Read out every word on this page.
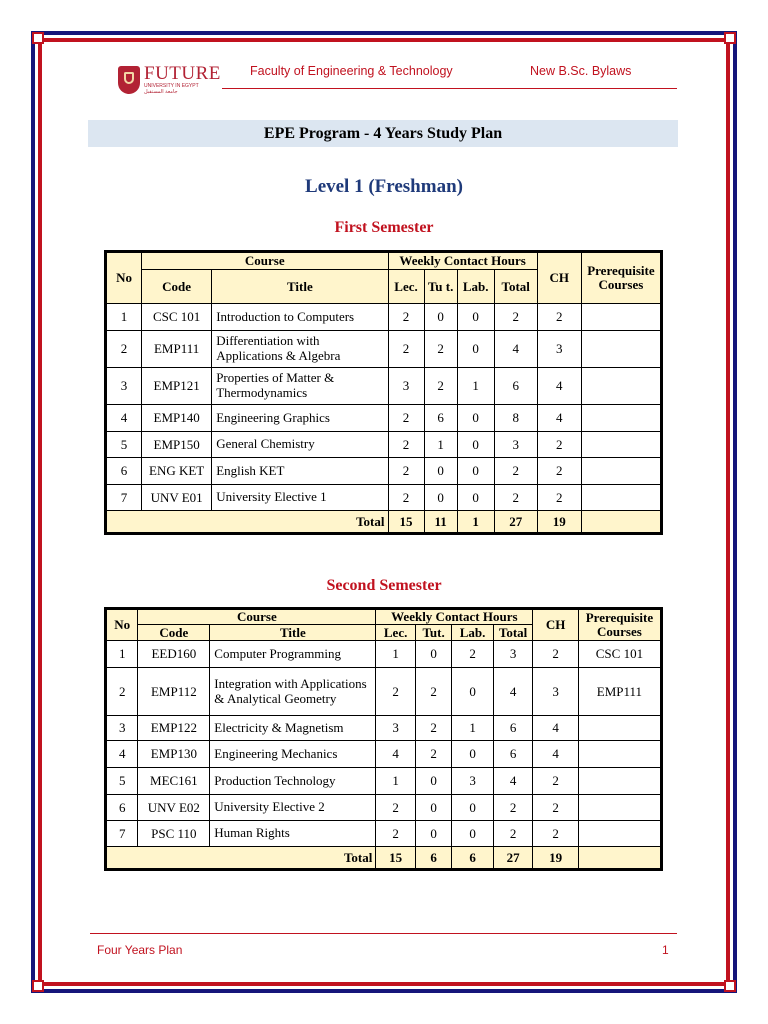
FUTURE
UNIVERSITY IN EGYPT
جامعة المستقبل
Faculty of Engineering & Technology	New B.Sc. Bylaws
EPE Program - 4 Years Study Plan
Level 1 (Freshman)
First Semester
No	Course		Weekly Contact Hours				CH	Prerequisite Courses
	Code	Title	Lec.	Tu t.	Lab.	Total		
1	CSC 101	Introduction to Computers	2	0	0	2	2	
2	EMP111	Differentiation with Applications & Algebra	2	2	0	4	3	
3	EMP121	Properties of Matter & Thermodynamics	3	2	1	6	4	
4	EMP140	Engineering Graphics	2	6	0	8	4	
5	EMP150	General Chemistry	2	1	0	3	2	
6	ENG KET	English KET	2	0	0	2	2	
7	UNV E01	University Elective 1	2	0	0	2	2	
Total			15	11	1	27	19	
Second Semester
No	Course		Weekly Contact Hours				CH	Prerequisite Courses
	Code	Title	Lec.	Tut.	Lab.	Total		
1	EED160	Computer Programming	1	0	2	3	2	CSC 101
2	EMP112	Integration with Applications & Analytical Geometry	2	2	0	4	3	EMP111
3	EMP122	Electricity & Magnetism	3	2	1	6	4	
4	EMP130	Engineering Mechanics	4	2	0	6	4	
5	MEC161	Production Technology	1	0	3	4	2	
6	UNV E02	University Elective 2	2	0	0	2	2	
7	PSC 110	Human Rights	2	0	0	2	2	
Total			15	6	6	27	19	
Four Years Plan	1
